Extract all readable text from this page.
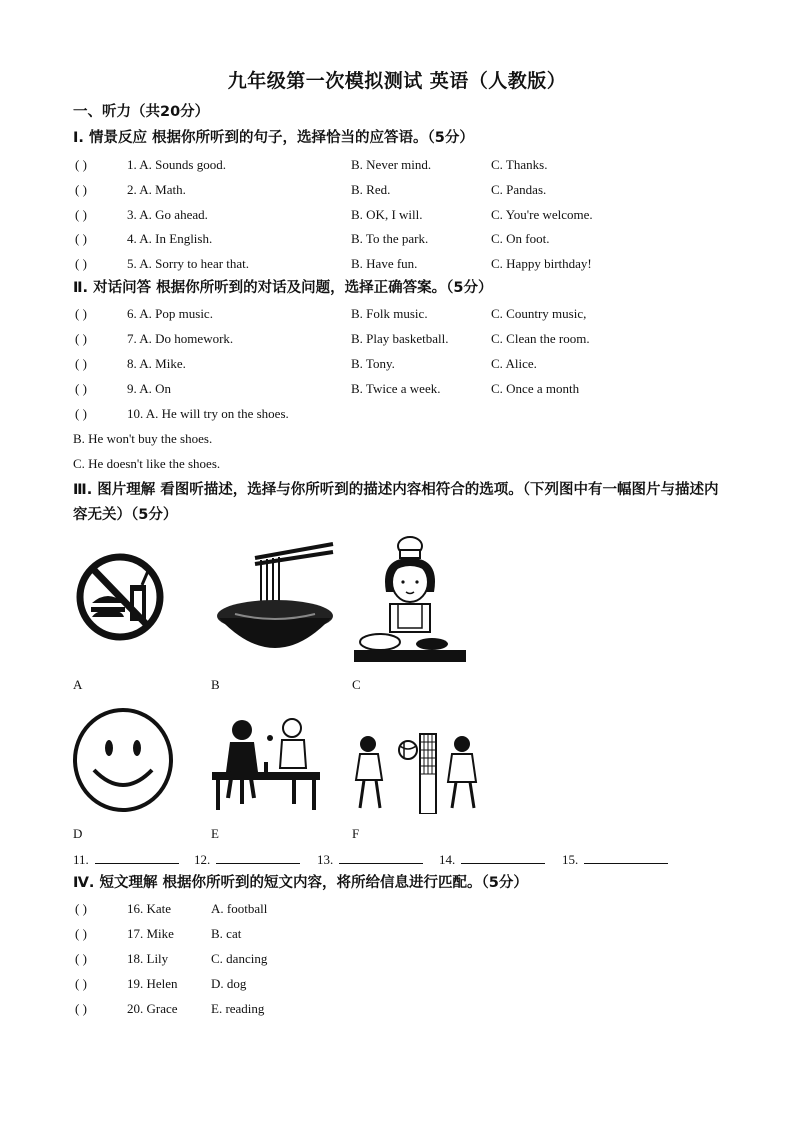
九年级第一次模拟测试 英语（人教版）
一、听力（共20分）
Ⅰ. 情景反应 根据你所听到的句子，选择恰当的应答语。（5分）
( )	1. A. Sounds good.	B. Never mind.	C. Thanks.
( )	2. A. Math.	B. Red.	C. Pandas.
( )	3. A. Go ahead.	B. OK, I will.	C. You're welcome.
( )	4. A. In English.	B. To the park.	C. On foot.
( )	5. A. Sorry to hear that.	B. Have fun.	C. Happy birthday!
Ⅱ. 对话问答 根据你所听到的对话及问题，选择正确答案。（5分）
( )	6. A. Pop music.	B. Folk music.	C. Country music,
( )	7. A. Do homework.	B. Play basketball.	C. Clean the room.
( )	8. A. Mike.	B. Tony.	C. Alice.
( )	9. A. On	B. Twice a week.	C. Once a month
( )	10. A. He will try on the shoes.
B. He won't buy the shoes.
C. He doesn't like the shoes.
Ⅲ. 图片理解 看图听描述，选择与你所听到的描述内容相符合的选项。（下列图中有一幅图片与描述内容无关）（5分）
A	B	C
D	E	F
11.	12.	13.	14.	15.
Ⅳ. 短文理解 根据你所听到的短文内容，将所给信息进行匹配。（5分）
( )	16. Kate	A. football
( )	17. Mike	B. cat
( )	18. Lily	C. dancing
( )	19. Helen	D. dog
( )	20. Grace	E. reading
